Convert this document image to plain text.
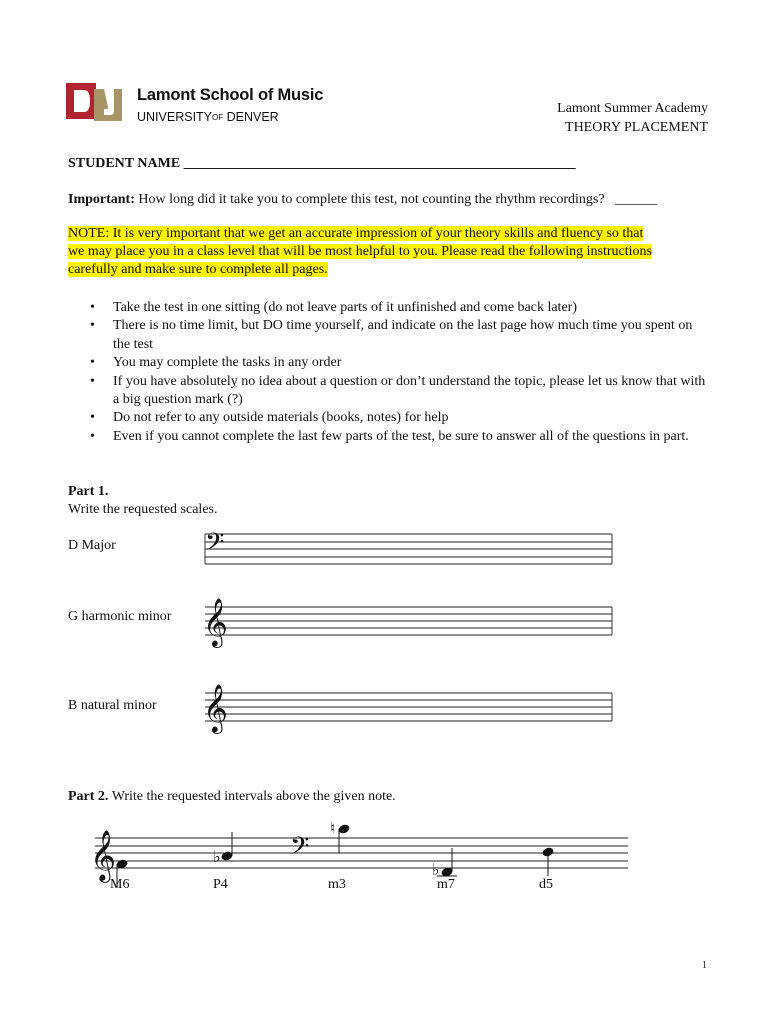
Lamont School of Music
UNIVERSITYOF DENVER
Lamont Summer Academy
THEORY PLACEMENT
STUDENT NAME ________________________________________________________
Important: How long did it take you to complete this test, not counting the rhythm recordings? ______
NOTE: It is very important that we get an accurate impression of your theory skills and fluency so that
we may place you in a class level that will be most helpful to you. Please read the following instructions
carefully and make sure to complete all pages.
• Take the test in one sitting (do not leave parts of it unfinished and come back later)
• There is no time limit, but DO time yourself, and indicate on the last page how much time you spent on the test
• You may complete the tasks in any order
• If you have absolutely no idea about a question or don’t understand the topic, please let us know that with a big question mark (?)
• Do not refer to any outside materials (books, notes) for help
• Even if you cannot complete the last few parts of the test, be sure to answer all of the questions in part.
Part 1.
Write the requested scales.
D Major
G harmonic minor
B natural minor
𝄢
𝄞
𝄞
𝄞	♭ 𝄢
♮
♭
Part 2. Write the requested intervals above the given note.
M6	P4	m3	m7	d5
1
